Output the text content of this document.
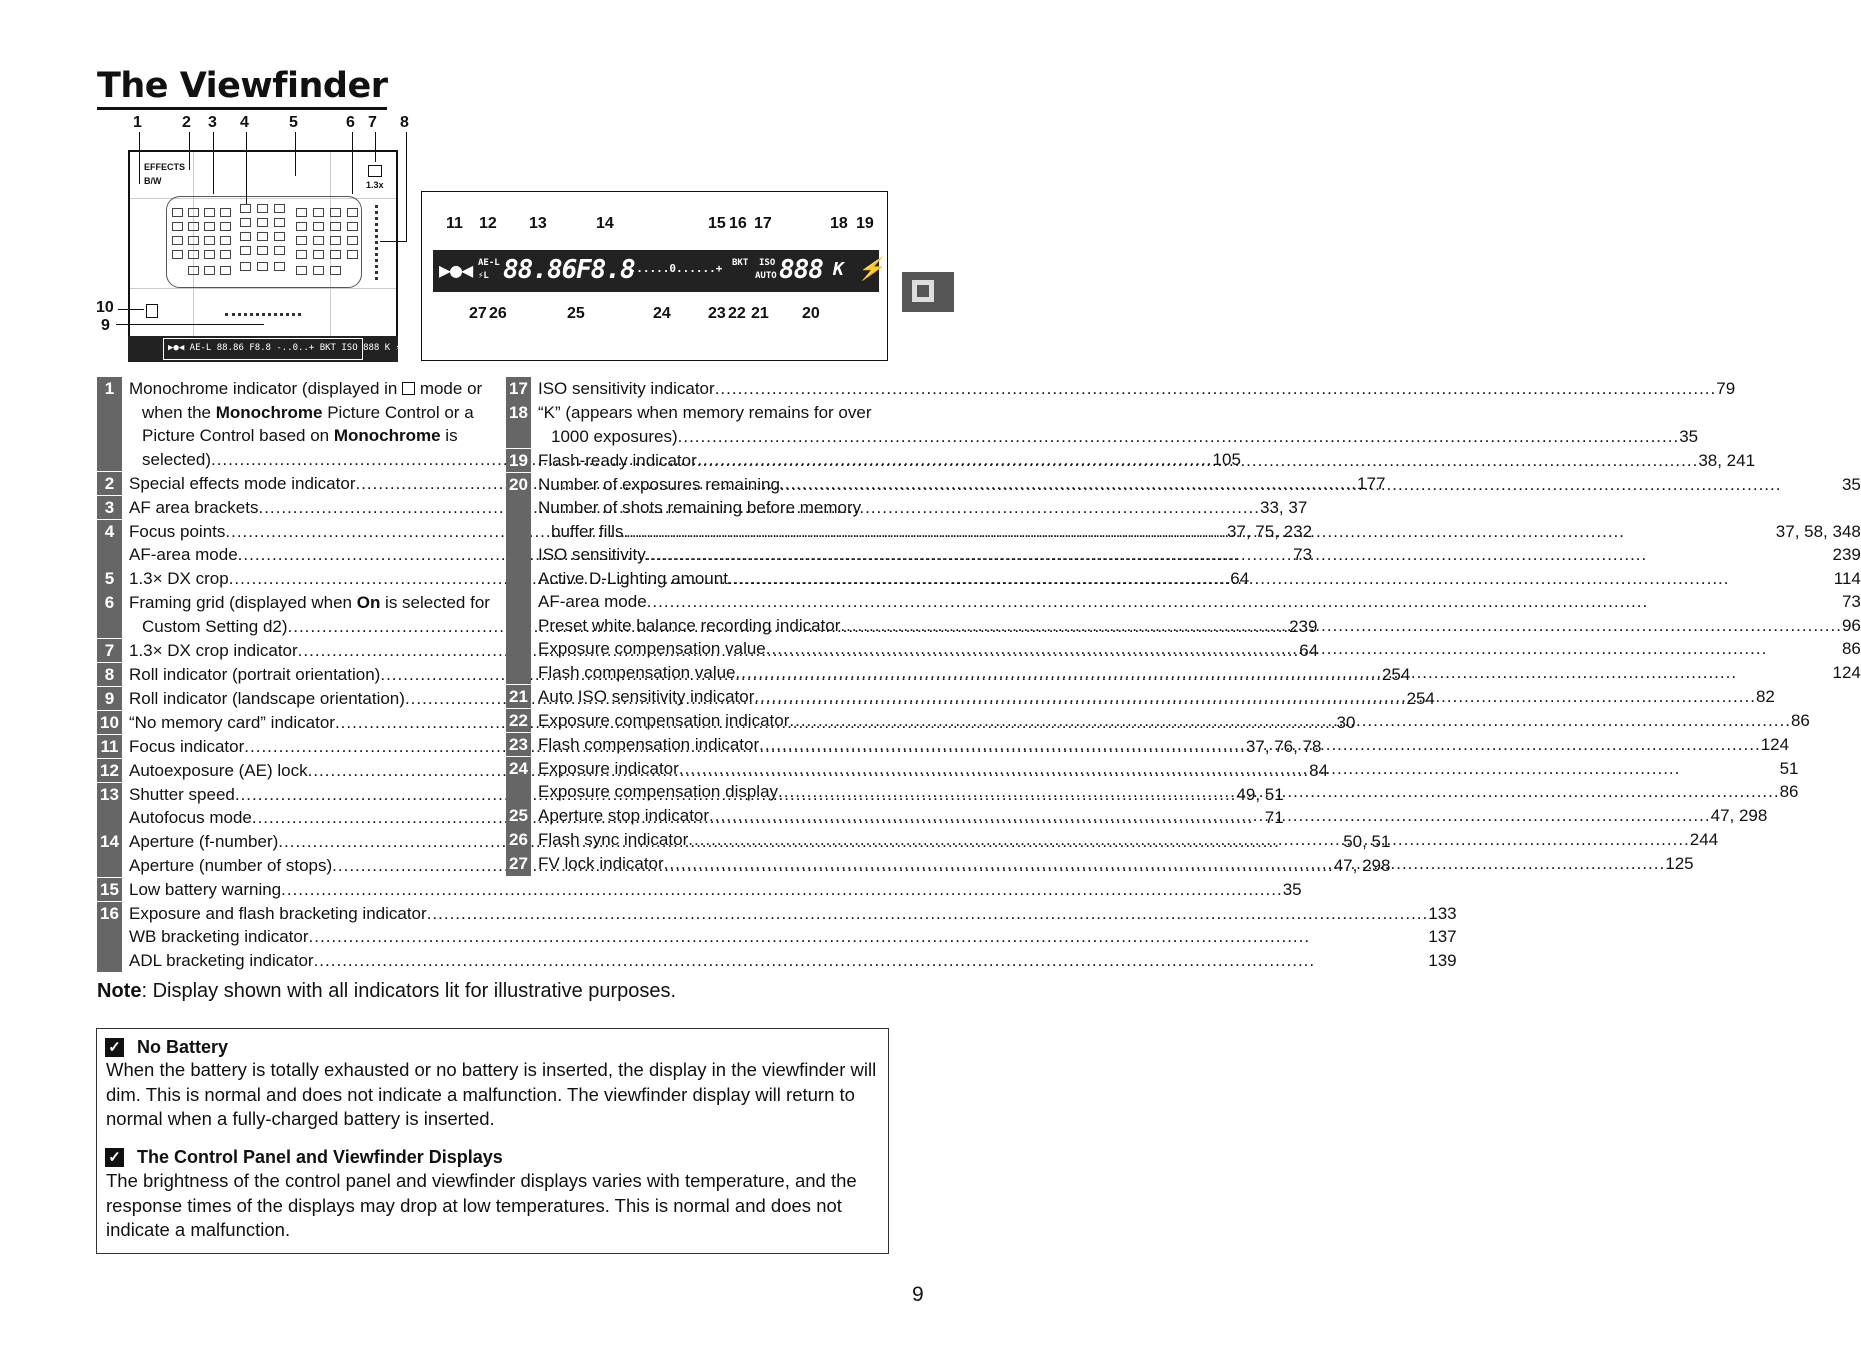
The Viewfinder
EFFECTS
B/W	1.3x
▶●◀ AE-L 88.86 F8.8 -..0..+ BKT ISO 888 K ⚡
1	2 3 4	5	6 7 8
10
9
▶●◀ AE-L
⚡L 88.86 F8.8
-......0......+ BKT ISO
AUTO 888 K ⚡
11 12 13	14	15 16 17	18 19
27 26	25	24 23 22 21 20
1 Monochrome indicator (displayed in  mode or
when the Monochrome Picture Control or a
Picture Control based on Monochrome is
selected) .....	105
2 Special effects mode indicator .....	177
3 AF area brackets .....	33, 37
4 Focus points .....	37, 75, 232
AF-area mode .....	73
5 1.3× DX crop .....	64
6 Framing grid (displayed when On is selected for
Custom Setting d2) .....	239
7 1.3× DX crop indicator .....	64
8 Roll indicator (portrait orientation) .....	254
9 Roll indicator (landscape orientation) .....	254
10 “No memory card” indicator .....	30
11 Focus indicator .....	37, 76, 78
12 Autoexposure (AE) lock .....	84
13 Shutter speed .....	49, 51
Autofocus mode .....	71
14 Aperture (f-number) .....	50, 51
Aperture (number of stops) .....	47, 298
15 Low battery warning .....	35
16 Exposure and flash bracketing indicator .....	133
WB bracketing indicator .....	137
ADL bracketing indicator .....	139
17 ISO sensitivity indicator .....	79
18 “K” (appears when memory remains for over
1000 exposures) .....	35
19 Flash-ready indicator .....	38, 241
20 Number of exposures remaining .....	35
Number of shots remaining before memory
buffer fills .....	37, 58, 348
ISO sensitivity .....	239
Active D-Lighting amount .....	114
AF-area mode .....	73
Preset white balance recording indicator .....	96
Exposure compensation value .....	86
Flash compensation value .....	124
21 Auto ISO sensitivity indicator .....	82
22 Exposure compensation indicator .....	86
23 Flash compensation indicator .....	124
24 Exposure indicator .....	51
Exposure compensation display .....	86
25 Aperture stop indicator .....	47, 298
26 Flash sync indicator .....	244
27 FV lock indicator .....	125
Note: Display shown with all indicators lit for illustrative purposes.
✓ No Battery
When the battery is totally exhausted or no battery is inserted, the display in the viewfinder will dim. This is normal and does not indicate a malfunction. The viewfinder display will return to normal when a fully-charged battery is inserted.
✓ The Control Panel and Viewfinder Displays
The brightness of the control panel and viewfinder displays varies with temperature, and the response times of the displays may drop at low temperatures. This is normal and does not indicate a malfunction.
9
